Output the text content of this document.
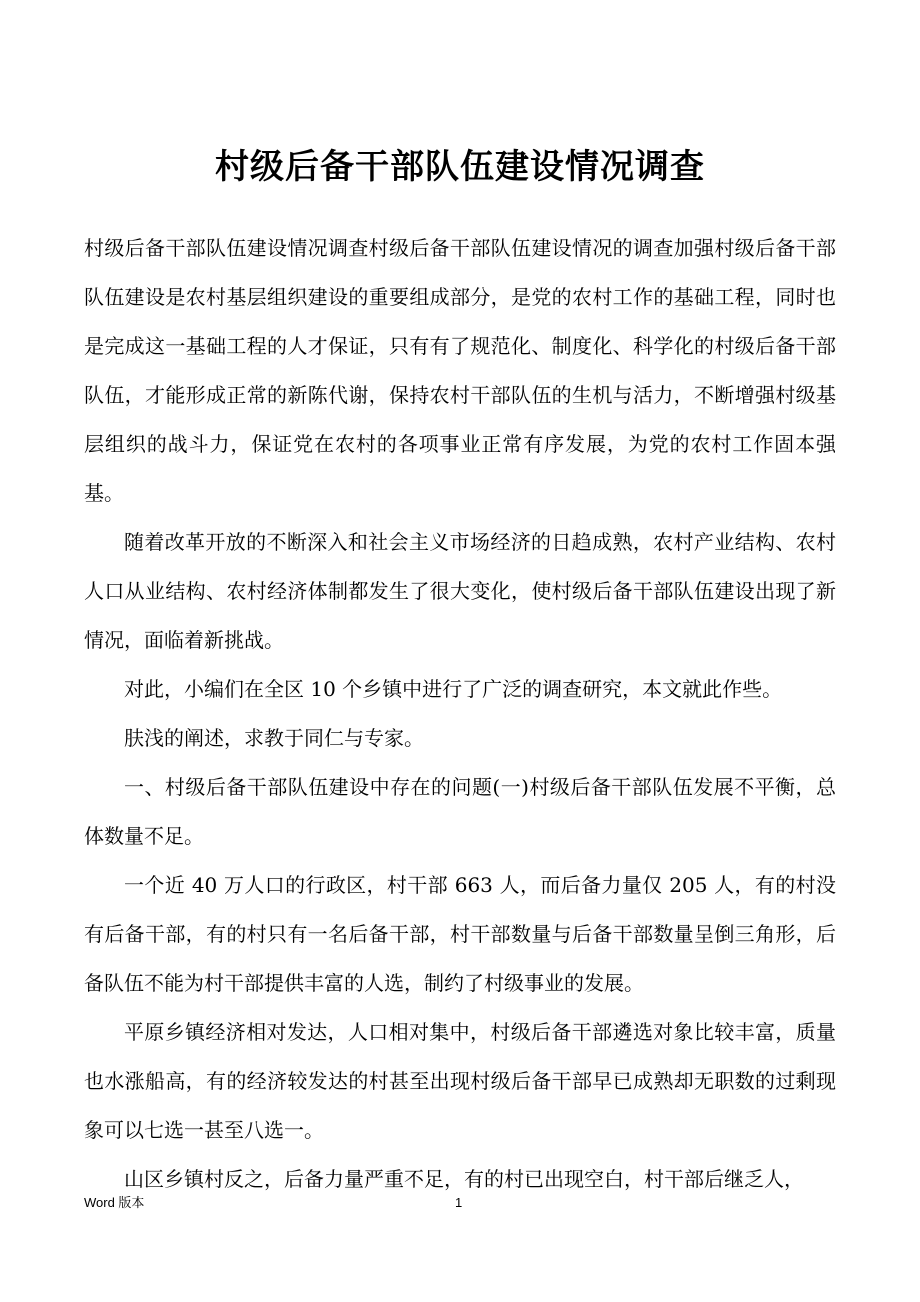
村级后备干部队伍建设情况调查

村级后备干部队伍建设情况调查村级后备干部队伍建设情况的调查加强村级后备干部队伍建设是农村基层组织建设的重要组成部分，是党的农村工作的基础工程，同时也是完成这一基础工程的人才保证，只有有了规范化、制度化、科学化的村级后备干部队伍，才能形成正常的新陈代谢，保持农村干部队伍的生机与活力，不断增强村级基层组织的战斗力，保证党在农村的各项事业正常有序发展，为党的农村工作固本强基。

随着改革开放的不断深入和社会主义市场经济的日趋成熟，农村产业结构、农村人口从业结构、农村经济体制都发生了很大变化，使村级后备干部队伍建设出现了新情况，面临着新挑战。

对此，小编们在全区 10 个乡镇中进行了广泛的调查研究，本文就此作些。

肤浅的阐述，求教于同仁与专家。

一、村级后备干部队伍建设中存在的问题(一)村级后备干部队伍发展不平衡，总体数量不足。

一个近 40 万人口的行政区，村干部 663 人，而后备力量仅 205 人，有的村没有后备干部，有的村只有一名后备干部，村干部数量与后备干部数量呈倒三角形，后备队伍不能为村干部提供丰富的人选，制约了村级事业的发展。

平原乡镇经济相对发达，人口相对集中，村级后备干部遴选对象比较丰富，质量也水涨船高，有的经济较发达的村甚至出现村级后备干部早已成熟却无职数的过剩现象可以七选一甚至八选一。

山区乡镇村反之，后备力量严重不足，有的村已出现空白，村干部后继乏人，

Word 版本	1
